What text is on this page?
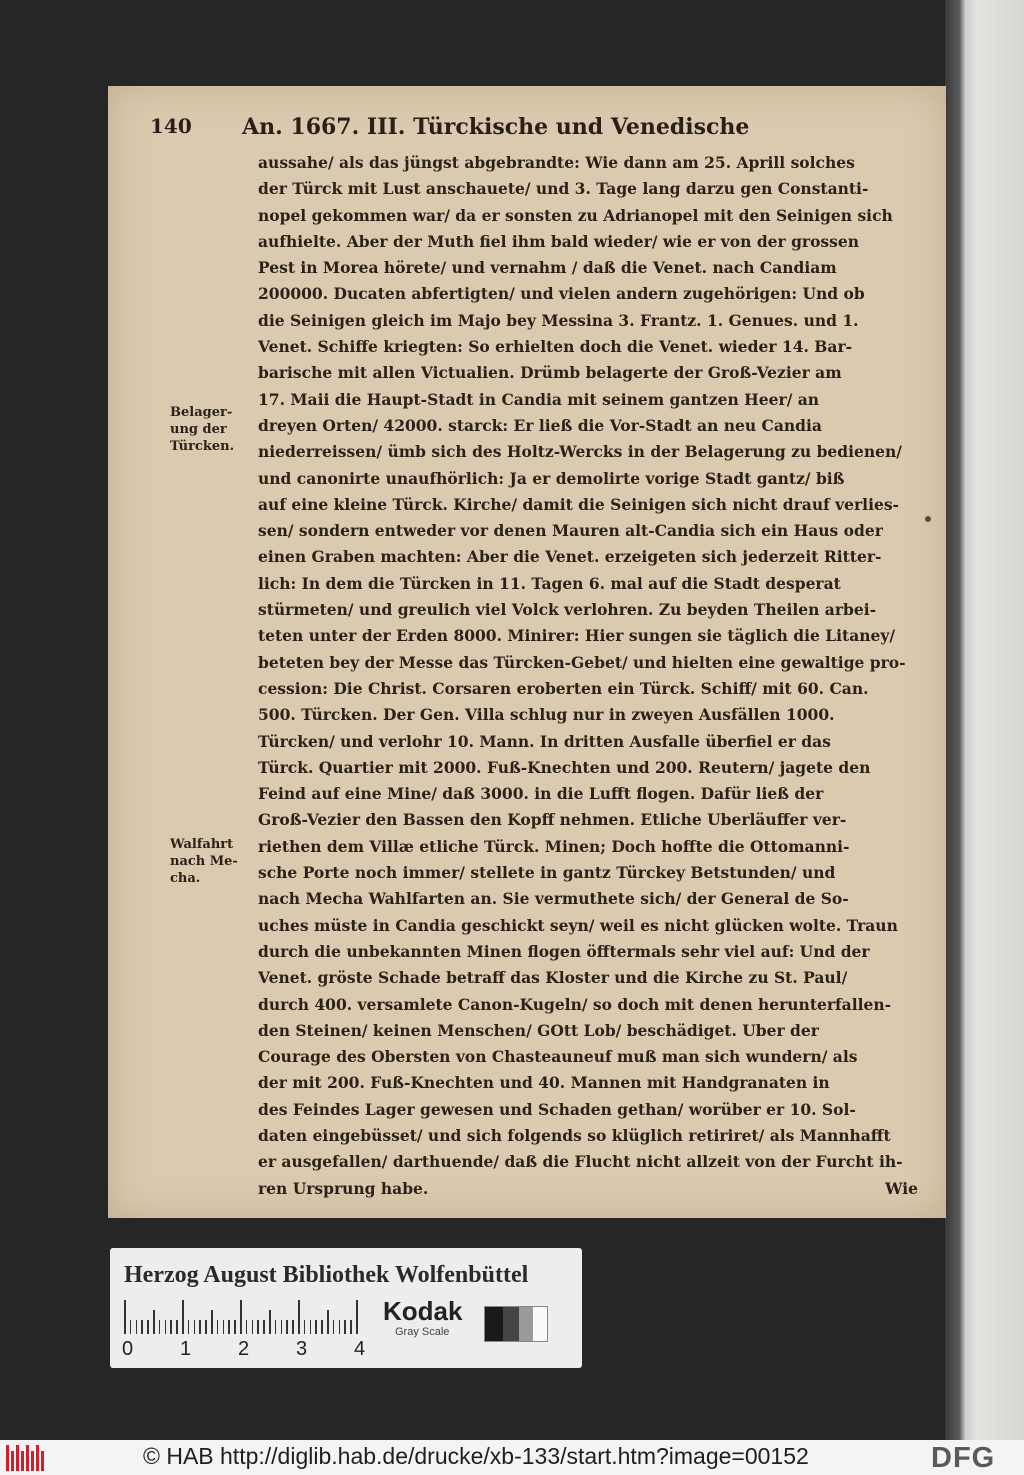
140 An. 1667. III. Türckische und Venedische
aussahe/ als das jüngst abgebrandte: Wie dann am 25. Aprill solches
der Türck mit Lust anschauete/ und 3. Tage lang darzu gen Constanti-
nopel gekommen war/ da er sonsten zu Adrianopel mit den Seinigen sich
aufhielte. Aber der Muth fiel ihm bald wieder/ wie er von der grossen
Pest in Morea hörete/ und vernahm / daß die Venet. nach Candiam
200000. Ducaten abfertigten/ und vielen andern zugehörigen: Und ob
die Seinigen gleich im Majo bey Messina 3. Frantz. 1. Genues. und 1.
Venet. Schiffe kriegten: So erhielten doch die Venet. wieder 14. Bar-
barische mit allen Victualien. Drümb belagerte der Groß-Vezier am
17. Maii die Haupt-Stadt in Candia mit seinem gantzen Heer/ an
dreyen Orten/ 42000. starck: Er ließ die Vor-Stadt an neu Candia
niederreissen/ ümb sich des Holtz-Wercks in der Belagerung zu bedienen/
und canonirte unaufhörlich: Ja er demolirte vorige Stadt gantz/ biß
auf eine kleine Türck. Kirche/ damit die Seinigen sich nicht drauf verlies-
sen/ sondern entweder vor denen Mauren alt-Candia sich ein Haus oder
einen Graben machten: Aber die Venet. erzeigeten sich jederzeit Ritter-
lich: In dem die Türcken in 11. Tagen 6. mal auf die Stadt desperat
stürmeten/ und greulich viel Volck verlohren. Zu beyden Theilen arbei-
teten unter der Erden 8000. Minirer: Hier sungen sie täglich die Litaney/
beteten bey der Messe das Türcken-Gebet/ und hielten eine gewaltige pro-
cession: Die Christ. Corsaren eroberten ein Türck. Schiff/ mit 60. Can.
500. Türcken. Der Gen. Villa schlug nur in zweyen Ausfällen 1000.
Türcken/ und verlohr 10. Mann. In dritten Ausfalle überfiel er das
Türck. Quartier mit 2000. Fuß-Knechten und 200. Reutern/ jagete den
Feind auf eine Mine/ daß 3000. in die Lufft flogen. Dafür ließ der
Groß-Vezier den Bassen den Kopff nehmen. Etliche Uberläuffer ver-
riethen dem Villæ etliche Türck. Minen; Doch hoffte die Ottomanni-
sche Porte noch immer/ stellete in gantz Türckey Betstunden/ und
nach Mecha Wahlfarten an. Sie vermuthete sich/ der General de So-
uches müste in Candia geschickt seyn/ weil es nicht glücken wolte. Traun
durch die unbekannten Minen flogen öfftermals sehr viel auf: Und der
Venet. gröste Schade betraff das Kloster und die Kirche zu St. Paul/
durch 400. versamlete Canon-Kugeln/ so doch mit denen herunterfallen-
den Steinen/ keinen Menschen/ GOtt Lob/ beschädiget. Uber der
Courage des Obersten von Chasteauneuf muß man sich wundern/ als
der mit 200. Fuß-Knechten und 40. Mannen mit Handgranaten in
des Feindes Lager gewesen und Schaden gethan/ worüber er 10. Sol-
daten eingebüsset/ und sich folgends so klüglich retiriret/ als Mannhafft
er ausgefallen/ darthuende/ daß die Flucht nicht allzeit von der Furcht ih-
ren Ursprung habe.	Wie
Belager-
ung der
Türcken.
Walfahrt
nach Me-
cha.
Herzog August Bibliothek Wolfenbüttel
0 1 2 3 4
Kodak
Gray Scale
© HAB http://diglib.hab.de/drucke/xb-133/start.htm?image=00152	DFG
